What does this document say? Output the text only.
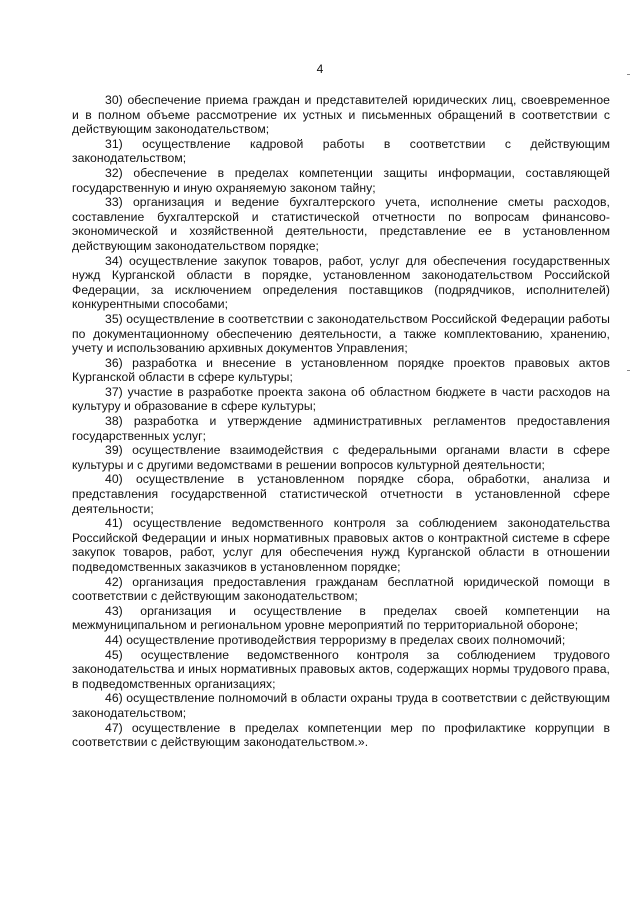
4

30) обеспечение приема граждан и представителей юридических лиц, своевременное и в полном объеме рассмотрение их устных и письменных обращений в соответствии с действующим законодательством;

31) осуществление кадровой работы в соответствии с действующим законодательством;

32) обеспечение в пределах компетенции защиты информации, составляющей государственную и иную охраняемую законом тайну;

33) организация и ведение бухгалтерского учета, исполнение сметы расходов, составление бухгалтерской и статистической отчетности по вопросам финансово-экономической и хозяйственной деятельности, представление ее в установленном действующим законодательством порядке;

34) осуществление закупок товаров, работ, услуг для обеспечения государственных нужд Курганской области в порядке, установленном законодательством Российской Федерации, за исключением определения поставщиков (подрядчиков, исполнителей) конкурентными способами;

35) осуществление в соответствии с законодательством Российской Федерации работы по документационному обеспечению деятельности, а также комплектованию, хранению, учету и использованию архивных документов Управления;

36) разработка и внесение в установленном порядке проектов правовых актов Курганской области в сфере культуры;

37) участие в разработке проекта закона об областном бюджете в части расходов на культуру и образование в сфере культуры;

38) разработка и утверждение административных регламентов предоставления государственных услуг;

39) осуществление взаимодействия с федеральными органами власти в сфере культуры и с другими ведомствами в решении вопросов культурной деятельности;

40) осуществление в установленном порядке сбора, обработки, анализа и представления государственной статистической отчетности в установленной сфере деятельности;

41) осуществление ведомственного контроля за соблюдением законодательства Российской Федерации и иных нормативных правовых актов о контрактной системе в сфере закупок товаров, работ, услуг для обеспечения нужд Курганской области в отношении подведомственных заказчиков в установленном порядке;

42) организация предоставления гражданам бесплатной юридической помощи в соответствии с действующим законодательством;

43) организация и осуществление в пределах своей компетенции на межмуниципальном и региональном уровне мероприятий по территориальной обороне;

44) осуществление противодействия терроризму в пределах своих полномочий;

45) осуществление ведомственного контроля за соблюдением трудового законодательства и иных нормативных правовых актов, содержащих нормы трудового права, в подведомственных организациях;

46) осуществление полномочий в области охраны труда в соответствии с действующим законодательством;

47) осуществление в пределах компетенции мер по профилактике коррупции в соответствии с действующим законодательством.».
